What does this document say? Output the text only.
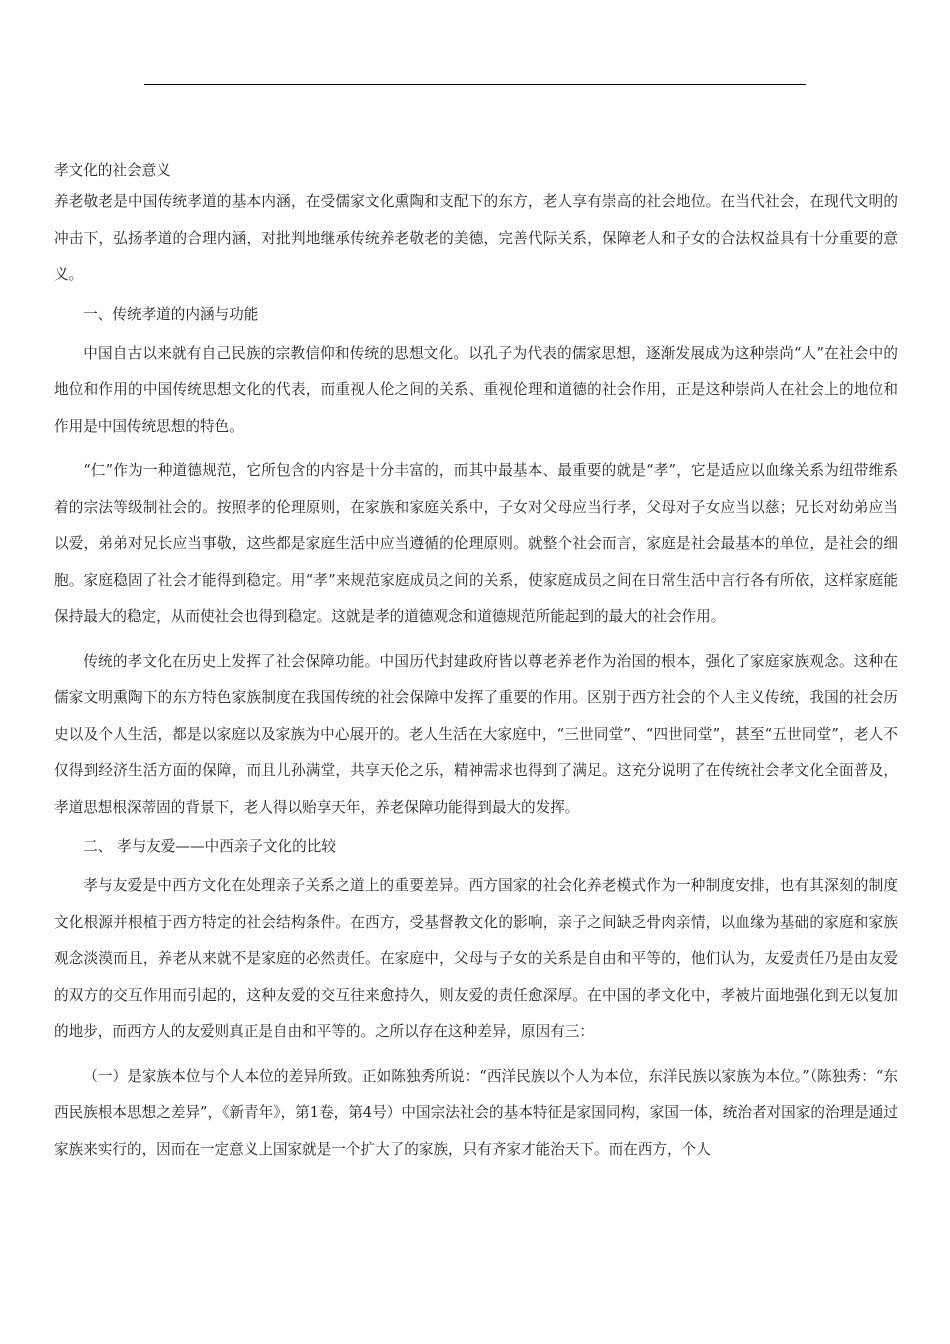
孝文化的社会意义

养老敬老是中国传统孝道的基本内涵，在受儒家文化熏陶和支配下的东方，老人享有崇高的社会地位。在当代社会，在现代文明的冲击下，弘扬孝道的合理内涵，对批判地继承传统养老敬老的美德，完善代际关系，保障老人和子女的合法权益具有十分重要的意义。

一、传统孝道的内涵与功能

中国自古以来就有自己民族的宗教信仰和传统的思想文化。以孔子为代表的儒家思想，逐渐发展成为这种崇尚“人”在社会中的地位和作用的中国传统思想文化的代表，而重视人伦之间的关系、重视伦理和道德的社会作用，正是这种崇尚人在社会上的地位和作用是中国传统思想的特色。

“仁”作为一种道德规范，它所包含的内容是十分丰富的，而其中最基本、最重要的就是“孝”，它是适应以血缘关系为纽带维系着的宗法等级制社会的。按照孝的伦理原则，在家族和家庭关系中，子女对父母应当行孝，父母对子女应当以慈；兄长对幼弟应当以爱，弟弟对兄长应当事敬，这些都是家庭生活中应当遵循的伦理原则。就整个社会而言，家庭是社会最基本的单位，是社会的细 胞。家庭稳固了社会才能得到稳定。用“孝”来规范家庭成员之间的关系，使家庭成员之间在日常生活中言行各有所依，这样家庭能保持最大的稳定，从而使社会也得到稳定。这就是孝的道德观念和道德规范所能起到的最大的社会作用。

传统的孝文化在历史上发挥了社会保障功能。中国历代封建政府皆以尊老养老作为治国的根本，强化了家庭家族观念。这种在儒家文明熏陶下的东方特色家族制度在我国传统的社会保障中发挥了重要的作用。区别于西方社会的个人主义传统，我国的社会历史以及个人生活，都是以家庭以及家族为中心展开的。老人生活在大家庭中，“三世同堂”、“四世同堂”，甚至“五世同堂”，老人不仅得到经济生活方面的保障，而且儿孙满堂，共享天伦之乐，精神需求也得到了满足。这充分说明了在传统社会孝文化全面普及，孝道思想根深蒂固的背景下，老人得以贻享天年，养老保障功能得到最大的发挥。

二、 孝与友爱——中西亲子文化的比较

孝与友爱是中西方文化在处理亲子关系之道上的重要差异。西方国家的社会化养老模式作为一种制度安排，也有其深刻的制度文化根源并根植于西方特定的社会结构条件。在西方，受基督教文化的影响，亲子之间缺乏骨肉亲情，以血缘为基础的家庭和家族观念淡漠而且，养老从来就不是家庭的必然责任。在家庭中，父母与子女的关系是自由和平等的，他们认为，友爱责任乃是由友爱的双方的交互作用而引起的，这种友爱的交互往来愈持久，则友爱的责任愈深厚。在中国的孝文化中，孝被片面地强化到无以复加的地步，而西方人的友爱则真正是自由和平等的。之所以存在这种差异，原因有三：

（一）是家族本位与个人本位的差异所致。正如陈独秀所说：“西洋民族以个人为本位，东洋民族以家族为本位。”（陈独秀：“东西民族根本思想之差异”，《新青年》，第1卷，第4号）中国宗法社会的基本特征是家国同构，家国一体，统治者对国家的治理是通过家族来实行的，因而在一定意义上国家就是一个扩大了的家族，只有齐家才能治天下。而在西方，个人
